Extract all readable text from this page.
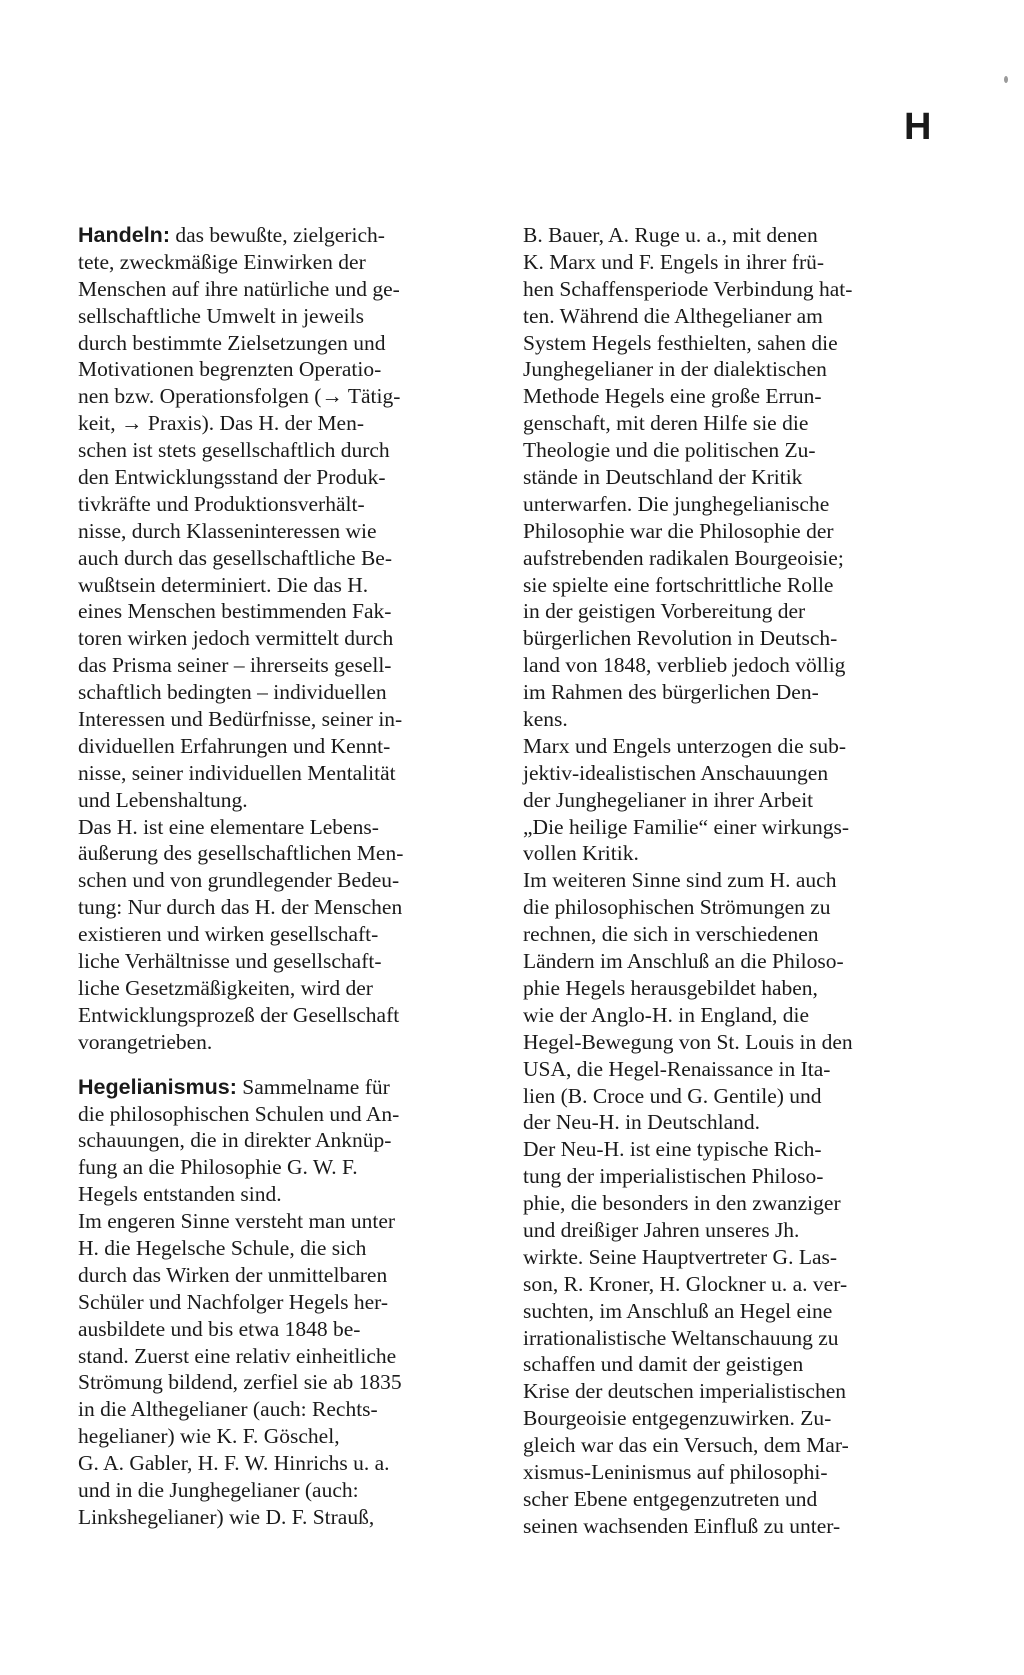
H
Handeln: das bewußte, zielgerich-
tete, zweckmäßige Einwirken der
Menschen auf ihre natürliche und ge-
sellschaftliche Umwelt in jeweils
durch bestimmte Zielsetzungen und
Motivationen begrenzten Operatio-
nen bzw. Operationsfolgen (→ Tätig-
keit, → Praxis). Das H. der Men-
schen ist stets gesellschaftlich durch
den Entwicklungsstand der Produk-
tivkräfte und Produktionsverhält-
nisse, durch Klasseninteressen wie
auch durch das gesellschaftliche Be-
wußtsein determiniert. Die das H.
eines Menschen bestimmenden Fak-
toren wirken jedoch vermittelt durch
das Prisma seiner – ihrerseits gesell-
schaftlich bedingten – individuellen
Interessen und Bedürfnisse, seiner in-
dividuellen Erfahrungen und Kennt-
nisse, seiner individuellen Mentalität
und Lebenshaltung.
Das H. ist eine elementare Lebens-
äußerung des gesellschaftlichen Men-
schen und von grundlegender Bedeu-
tung: Nur durch das H. der Menschen
existieren und wirken gesellschaft-
liche Verhältnisse und gesellschaft-
liche Gesetzmäßigkeiten, wird der
Entwicklungsprozeß der Gesellschaft
vorangetrieben.
Hegelianismus: Sammelname für
die philosophischen Schulen und An-
schauungen, die in direkter Anknüp-
fung an die Philosophie G. W. F.
Hegels entstanden sind.
Im engeren Sinne versteht man unter
H. die Hegelsche Schule, die sich
durch das Wirken der unmittelbaren
Schüler und Nachfolger Hegels her-
ausbildete und bis etwa 1848 be-
stand. Zuerst eine relativ einheitliche
Strömung bildend, zerfiel sie ab 1835
in die Althegelianer (auch: Rechts-
hegelianer) wie K. F. Göschel,
G. A. Gabler, H. F. W. Hinrichs u. a.
und in die Junghegelianer (auch:
Linkshegelianer) wie D. F. Strauß,
B. Bauer, A. Ruge u. a., mit denen
K. Marx und F. Engels in ihrer frü-
hen Schaffensperiode Verbindung hat-
ten. Während die Althegelianer am
System Hegels festhielten, sahen die
Junghegelianer in der dialektischen
Methode Hegels eine große Errun-
genschaft, mit deren Hilfe sie die
Theologie und die politischen Zu-
stände in Deutschland der Kritik
unterwarfen. Die junghegelianische
Philosophie war die Philosophie der
aufstrebenden radikalen Bourgeoisie;
sie spielte eine fortschrittliche Rolle
in der geistigen Vorbereitung der
bürgerlichen Revolution in Deutsch-
land von 1848, verblieb jedoch völlig
im Rahmen des bürgerlichen Den-
kens.
Marx und Engels unterzogen die sub-
jektiv-idealistischen Anschauungen
der Junghegelianer in ihrer Arbeit
„Die heilige Familie“ einer wirkungs-
vollen Kritik.
Im weiteren Sinne sind zum H. auch
die philosophischen Strömungen zu
rechnen, die sich in verschiedenen
Ländern im Anschluß an die Philoso-
phie Hegels herausgebildet haben,
wie der Anglo-H. in England, die
Hegel-Bewegung von St. Louis in den
USA, die Hegel-Renaissance in Ita-
lien (B. Croce und G. Gentile) und
der Neu-H. in Deutschland.
Der Neu-H. ist eine typische Rich-
tung der imperialistischen Philoso-
phie, die besonders in den zwanziger
und dreißiger Jahren unseres Jh.
wirkte. Seine Hauptvertreter G. Las-
son, R. Kroner, H. Glockner u. a. ver-
suchten, im Anschluß an Hegel eine
irrationalistische Weltanschauung zu
schaffen und damit der geistigen
Krise der deutschen imperialistischen
Bourgeoisie entgegenzuwirken. Zu-
gleich war das ein Versuch, dem Mar-
xismus-Leninismus auf philosophi-
scher Ebene entgegenzutreten und
seinen wachsenden Einfluß zu unter-
